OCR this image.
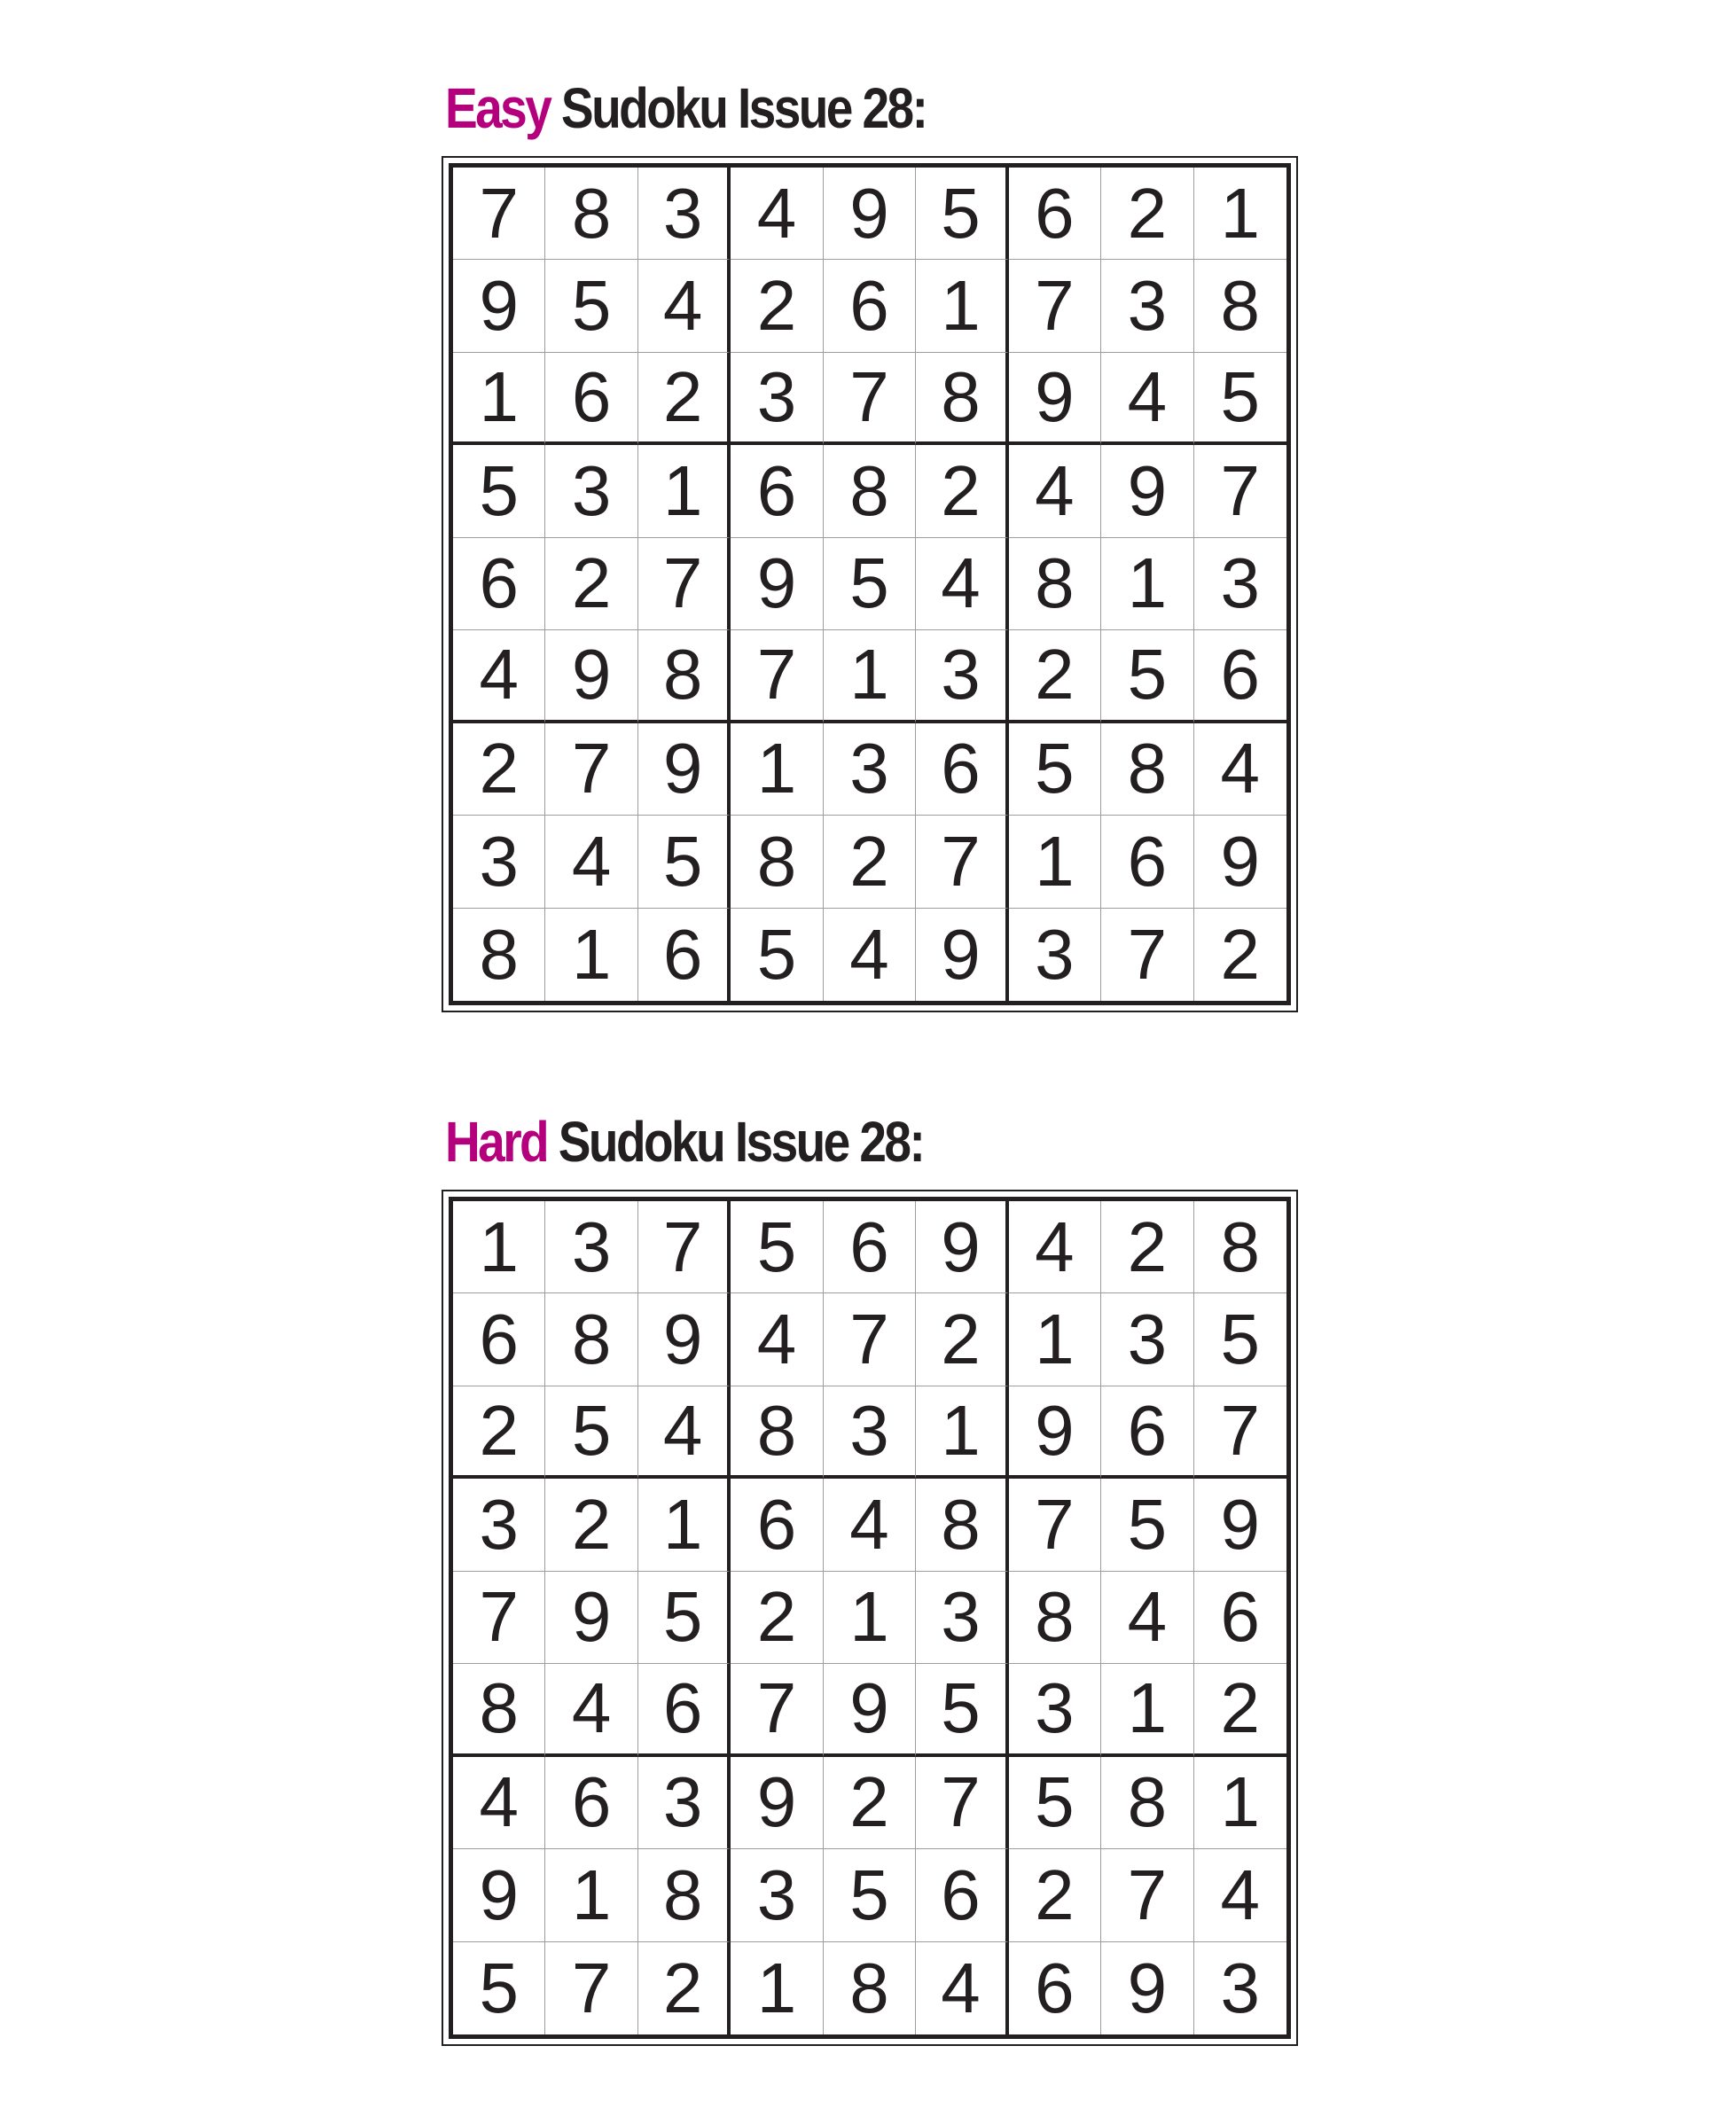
Easy Sudoku Issue 28:
7 8 3 4 9 5 6 2 1
9 5 4 2 6 1 7 3 8
1 6 2 3 7 8 9 4 5
5 3 1 6 8 2 4 9 7
6 2 7 9 5 4 8 1 3
4 9 8 7 1 3 2 5 6
2 7 9 1 3 6 5 8 4
3 4 5 8 2 7 1 6 9
8 1 6 5 4 9 3 7 2
Hard Sudoku Issue 28:
1 3 7 5 6 9 4 2 8
6 8 9 4 7 2 1 3 5
2 5 4 8 3 1 9 6 7
3 2 1 6 4 8 7 5 9
7 9 5 2 1 3 8 4 6
8 4 6 7 9 5 3 1 2
4 6 3 9 2 7 5 8 1
9 1 8 3 5 6 2 7 4
5 7 2 1 8 4 6 9 3
